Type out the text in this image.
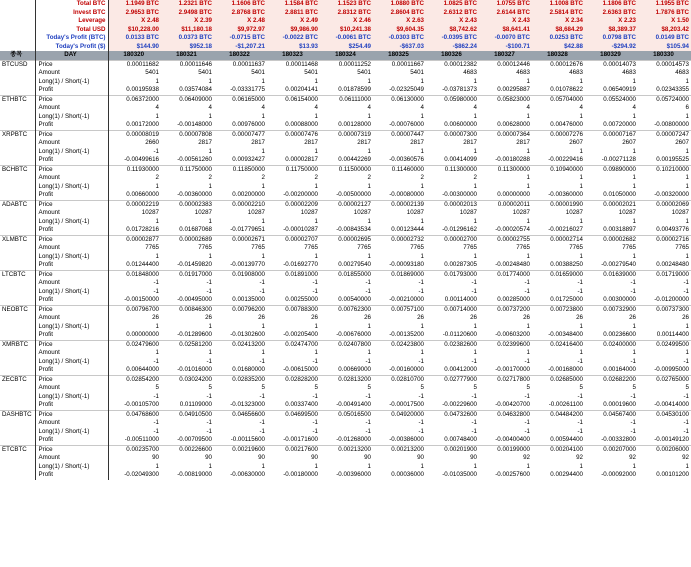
	Total BTC	1.1949 BTC	1.2321 BTC	1.1606 BTC	1.1584 BTC	1.1523 BTC	1.0880 BTC	1.0825 BTC	1.0755 BTC	1.1008 BTC	1.1806 BTC	1.1955 BTC
	Invest BTC	2.9653 BTC	2.9498 BTC	2.8768 BTC	2.8811 BTC	2.8312 BTC	2.8604 BTC	2.6312 BTC	2.6144 BTC	2.5814 BTC	2.6363 BTC	1.7876 BTC
	Leverage	X 2.48	X 2.39	X 2.48	X 2.49	X 2.46	X 2.63	X 2.43	X 2.43	X 2.34	X 2.23	X 1.50
	Total USD	$10,228.00	$11,180.18	$9,972.97	$9,986.90	$10,241.38	$9,604.35	$8,742.62	$8,641.41	$8,684.29	$8,389.37	$8,203.42
	Today's Profit (BTC)	0.0133 BTC	0.0373 BTC	-0.0715 BTC	-0.0022 BTC	-0.0061 BTC	-0.0303 BTC	-0.0395 BTC	-0.0070 BTC	0.0253 BTC	0.0798 BTC	0.0149 BTC
	Today's Profit ($)	$144.90	$952.18	-$1,207.21	$13.93	$254.49	-$637.03	-$862.24	-$100.71	$42.88	-$294.92	$105.94
종목	DAY	180320	180321	180322	180323	180324	180325	180326	180327	180328	180329	180330
BTCUSD	Price	0.00011682	0.00011646	0.00011637	0.00011468	0.00011252	0.00011667	0.00012382	0.00012446	0.00012676	0.00014073	0.00014573
	Amount	5401	5401	5401	5401	5401	5401	4683	4683	4683	4683	4683
	Long(1) / Short(-1)	1	1	1	1	1	1	1	1	1	1	1
	Profit	0.00195938	0.03574084	-0.03331775	0.00204141	0.01878599	-0.02325049	-0.03781373	0.00295887	0.01078622	0.06540919	0.02343355
ETHBTC	Price	0.06372000	0.06409000	0.06165000	0.06154000	0.06111000	0.06130000	0.05980000	0.05823000	0.05704000	0.05524000	0.05724000
	Amount	4	4	4	4	4	4	4	4	4	4	6
	Long(1) / Short(-1)	1	1	1	1	1	1	1	1	1	1	1
	Profit	0.00172000	-0.00148000	0.00976000	0.00088000	0.00128000	-0.00076000	0.00600000	0.00628000	0.00476000	0.00720000	-0.00800000
XRPBTC	Price	0.00008019	0.00007808	0.00007477	0.00007476	0.00007319	0.00007447	0.00007300	0.00007364	0.00007276	0.00007167	0.00007247
	Amount	2660	2817	2817	2817	2817	2817	2817	2817	2607	2607	2607
	Long(1) / Short(-1)	-1	1	1	1	1	1	1	1	1	1	1
	Profit	-0.00499616	-0.00561260	0.00932427	0.00002817	0.00442269	-0.00360576	0.00414099	-0.00180288	-0.00229416	-0.00271128	0.00195525
BCHBTC	Price	0.11930000	0.11750000	0.11850000	0.11750000	0.11500000	0.11460000	0.11300000	0.11300000	0.10940000	0.09890000	0.10210000
	Amount	2	2	2	2	2	2	2	1	1	1	1
	Long(1) / Short(-1)	1	1	1	1	1	1	1	1	1	1	1
	Profit	0.00660000	-0.00360000	0.00200000	-0.00200000	-0.00500000	-0.00080000	-0.00300000	0.00000000	-0.00360000	0.01050000	-0.00320000
ADABTC	Price	0.00002219	0.00002383	0.00002210	0.00002209	0.00002127	0.00002139	0.00002013	0.00002011	0.00001990	0.00002021	0.00002069
	Amount	10287	10287	10287	10287	10287	10287	10287	10287	10287	10287	10287
	Long(1) / Short(-1)	1	1	1	1	1	1	1	1	1	1	1
	Profit	0.01728216	0.01687068	-0.01779651	-0.00010287	-0.00843534	0.00123444	-0.01296162	-0.00020574	-0.00216027	0.00318897	0.00493776
XLMBTC	Price	0.00002877	0.00002689	0.00002671	0.00002707	0.00002695	0.00002732	0.00002700	0.00002755	0.00002714	0.00002682	0.00002716
	Amount	7765	7765	7765	7765	7765	7765	7765	7765	7765	7765	7765
	Long(1) / Short(-1)	1	1	1	1	1	1	1	1	1	1	1
	Profit	0.01244400	-0.01459820	-0.00139770	-0.01692770	0.00279540	-0.00093180	0.00287305	-0.00248480	0.00388250	-0.00279540	0.00248480
LTCBTC	Price	0.01848000	0.01917000	0.01908000	0.01891000	0.01855000	0.01869000	0.01793000	0.01774000	0.01659000	0.01639000	0.01719000
	Amount	-1	-1	-1	-1	-1	-1	-1	-1	-1	-1	-1
	Long(1) / Short(-1)	-1	-1	-1	-1	-1	-1	-1	-1	-1	-1	-1
	Profit	-0.00150000	-0.00495000	0.00135000	0.00255000	0.00540000	-0.00210000	0.00114000	0.00285000	0.01725000	0.00300000	-0.01200000
NEOBTC	Price	0.00796700	0.00846300	0.00796200	0.00788300	0.00762300	0.00757100	0.00714000	0.00737200	0.00723800	0.00732900	0.00737300
	Amount	26	26	26	26	26	26	26	26	26	26	26
	Long(1) / Short(-1)	1	1	1	1	1	1	1	1	1	1	1
	Profit	0.00000000	-0.01289600	-0.01302600	-0.00205400	-0.00676000	-0.00135200	-0.01120600	-0.00603200	-0.00348400	0.00236600	0.00114400
XMRBTC	Price	0.02479600	0.02581200	0.02413200	0.02474700	0.02407800	0.02423800	0.02382600	0.02399600	0.02416400	0.02400000	0.02499500
	Amount	1	1	1	1	1	1	1	1	1	1	1
	Long(1) / Short(-1)	-1	-1	-1	-1	-1	-1	-1	-1	-1	-1	-1
	Profit	0.00644000	-0.01016000	0.01680000	-0.00615000	0.00669000	-0.00160000	0.00412000	-0.00170000	-0.00168000	0.00164000	-0.00995000
ZECBTC	Price	0.02854200	0.03024200	0.02835200	0.02828200	0.02813200	0.02810700	0.02777900	0.02717800	0.02685000	0.02682200	0.02765000
	Amount	5	5	5	5	5	5	5	5	5	5	5
	Long(1) / Short(-1)	-1	-1	-1	-1	-1	-1	-1	-1	-1	-1	-1
	Profit	-0.00105700	0.01109000	-0.01323000	0.00337400	-0.00491400	-0.00017500	-0.00229600	-0.00420700	-0.00261100	0.00019600	-0.00414000
DASHBTC	Price	0.04768600	0.04910500	0.04656600	0.04699500	0.05016500	0.04920000	0.04732600	0.04632800	0.04484200	0.04567400	0.04530100
	Amount	-1	-1	-1	-1	-1	-1	-1	-1	-1	-1	-1
	Long(1) / Short(-1)	-1	-1	-1	-1	-1	-1	-1	-1	-1	-1	-1
	Profit	-0.00511000	-0.00709500	-0.00115600	-0.00171600	-0.01268000	-0.00386000	0.00748400	-0.00400400	0.00594400	-0.00332800	-0.00149120
ETCBTC	Price	0.00235700	0.00226600	0.00219600	0.00217600	0.00213200	0.00213200	0.00201900	0.00199000	0.00204100	0.00207000	0.00206000
	Amount	90	90	90	90	90	90	90	92	92	92	92
	Long(1) / Short(-1)	1	1	1	1	1	1	1	1	1	1	1
	Profit	-0.02049300	-0.00819000	-0.00630000	-0.00180000	-0.00396000	0.00036000	-0.01035000	-0.00257600	0.00294400	-0.00092000	0.00101200
